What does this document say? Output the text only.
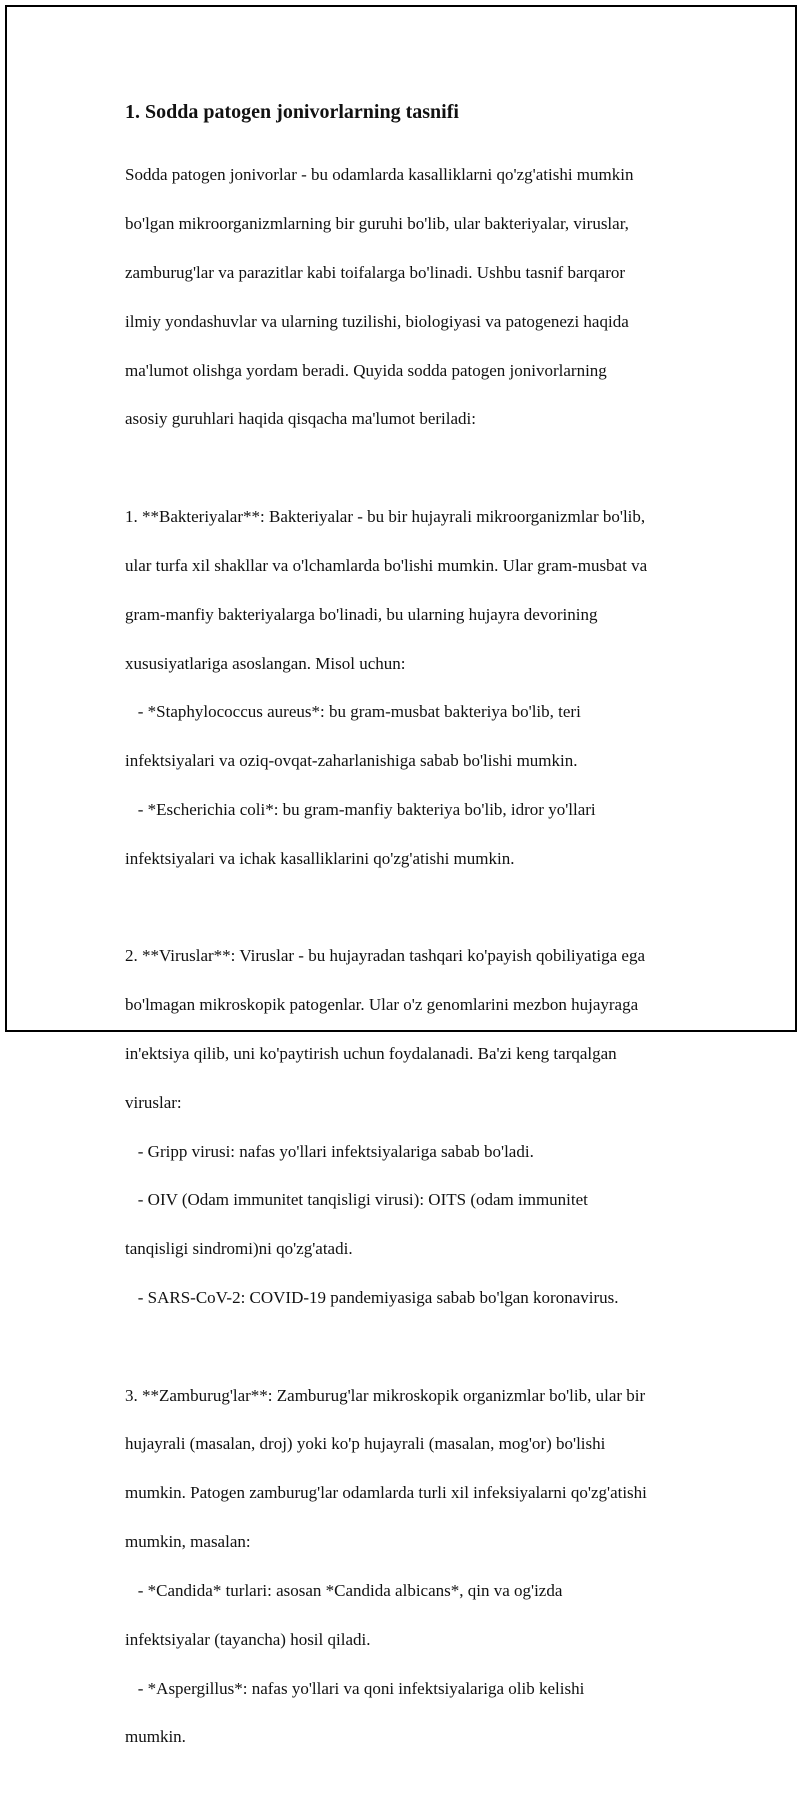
1. Sodda patogen jonivorlarning tasnifi

Sodda patogen jonivorlar - bu odamlarda kasalliklarni qo'zg'atishi mumkin

bo'lgan mikroorganizmlarning bir guruhi bo'lib, ular bakteriyalar, viruslar,

zamburug'lar va parazitlar kabi toifalarga bo'linadi. Ushbu tasnif barqaror

ilmiy yondashuvlar va ularning tuzilishi, biologiyasi va patogenezi haqida

ma'lumot olishga yordam beradi. Quyida sodda patogen jonivorlarning

asosiy guruhlari haqida qisqacha ma'lumot beriladi:

1. **Bakteriyalar**: Bakteriyalar - bu bir hujayrali mikroorganizmlar bo'lib,

ular turfa xil shakllar va o'lchamlarda bo'lishi mumkin. Ular gram-musbat va

gram-manfiy bakteriyalarga bo'linadi, bu ularning hujayra devorining

xususiyatlariga asoslangan. Misol uchun:

- *Staphylococcus aureus*: bu gram-musbat bakteriya bo'lib, teri

infektsiyalari va oziq-ovqat-zaharlanishiga sabab bo'lishi mumkin.

- *Escherichia coli*: bu gram-manfiy bakteriya bo'lib, idror yo'llari

infektsiyalari va ichak kasalliklarini qo'zg'atishi mumkin.

2. **Viruslar**: Viruslar - bu hujayradan tashqari ko'payish qobiliyatiga ega

bo'lmagan mikroskopik patogenlar. Ular o'z genomlarini mezbon hujayraga

in'ektsiya qilib, uni ko'paytirish uchun foydalanadi. Ba'zi keng tarqalgan

viruslar:

- Gripp virusi: nafas yo'llari infektsiyalariga sabab bo'ladi.

- OIV (Odam immunitet tanqisligi virusi): OITS (odam immunitet

tanqisligi sindromi)ni qo'zg'atadi.

- SARS-CoV-2: COVID-19 pandemiyasiga sabab bo'lgan koronavirus.

3. **Zamburug'lar**: Zamburug'lar mikroskopik organizmlar bo'lib, ular bir

hujayrali (masalan, droj) yoki ko'p hujayrali (masalan, mog'or) bo'lishi

mumkin. Patogen zamburug'lar odamlarda turli xil infeksiyalarni qo'zg'atishi

mumkin, masalan:

- *Candida* turlari: asosan *Candida albicans*, qin va og'izda

infektsiyalar (tayancha) hosil qiladi.

- *Aspergillus*: nafas yo'llari va qoni infektsiyalariga olib kelishi

mumkin.
